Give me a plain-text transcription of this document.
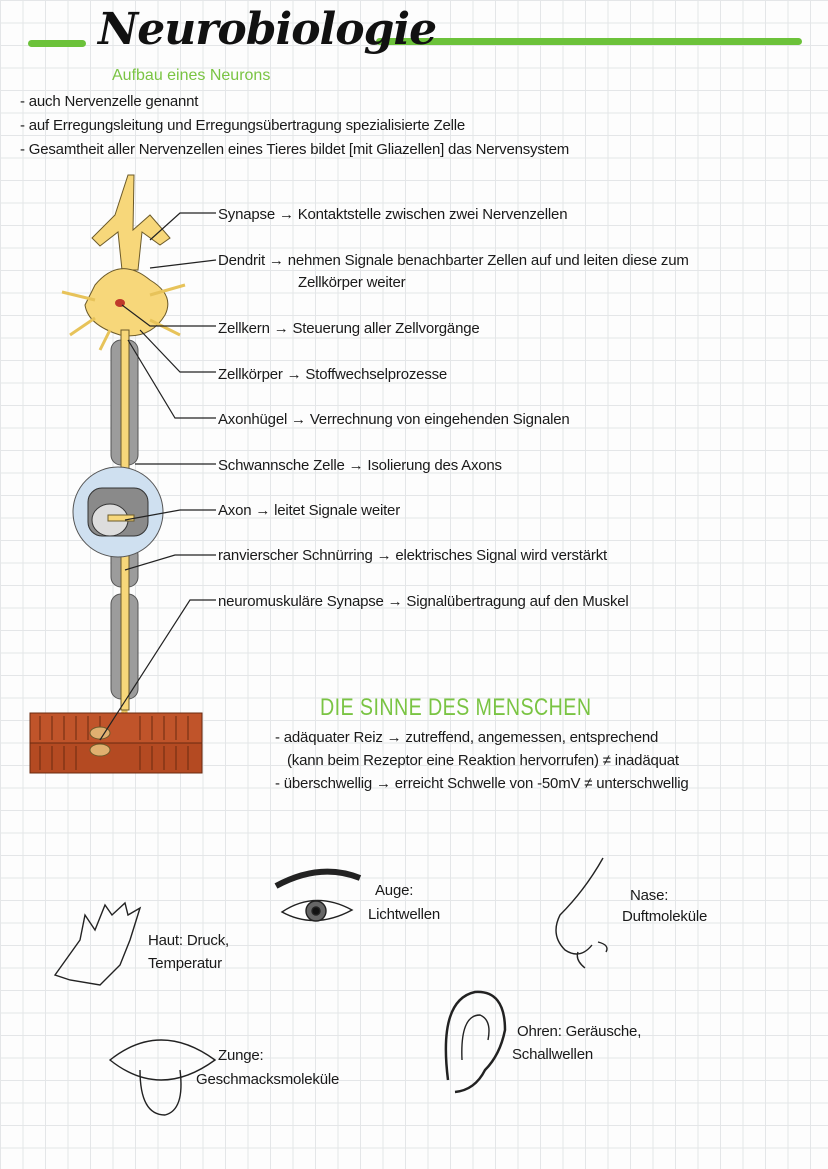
Neurobiologie
Aufbau eines Neurons
- auch Nervenzelle genannt
- auf Erregungsleitung und Erregungsübertragung spezialisierte Zelle
- Gesamtheit aller Nervenzellen eines Tieres bildet [mit Gliazellen] das Nervensystem
Synapse → Kontaktstelle zwischen zwei Nervenzellen
Dendrit → nehmen Signale benachbarter Zellen auf und leiten diese zum
Zellkörper weiter
Zellkern → Steuerung aller Zellvorgänge
Zellkörper → Stoffwechselprozesse
Axonhügel → Verrechnung von eingehenden Signalen
Schwannsche Zelle → Isolierung des Axons
Axon → leitet Signale weiter
ranvierscher Schnürring → elektrisches Signal wird verstärkt
neuromuskuläre Synapse → Signalübertragung auf den Muskel
DIE SINNE DES MENSCHEN
- adäquater Reiz → zutreffend, angemessen, entsprechend
(kann beim Rezeptor eine Reaktion hervorrufen) ≠ inadäquat
- überschwellig → erreicht Schwelle von -50mV ≠ unterschwellig
Auge:
Lichtwellen
Nase:
Duftmoleküle
Haut: Druck,
Temperatur
Zunge:
Geschmacksmoleküle
Ohren: Geräusche,
Schallwellen
